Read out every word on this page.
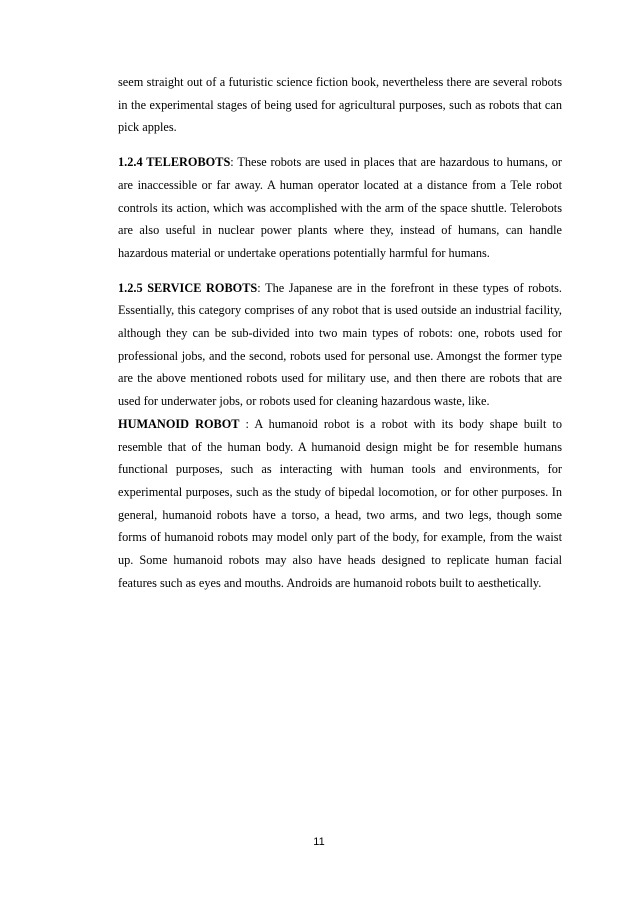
seem straight out of a futuristic science fiction book, nevertheless there are several robots in the experimental stages of being used for agricultural purposes, such as robots that can pick apples.

1.2.4 TELEROBOTS: These robots are used in places that are hazardous to humans, or are inaccessible or far away. A human operator located at a distance from a Tele robot controls its action, which was accomplished with the arm of the space shuttle. Telerobots are also useful in nuclear power plants where they, instead of humans, can handle hazardous material or undertake operations potentially harmful for humans.

1.2.5 SERVICE ROBOTS: The Japanese are in the forefront in these types of robots. Essentially, this category comprises of any robot that is used outside an industrial facility, although they can be sub-divided into two main types of robots: one, robots used for professional jobs, and the second, robots used for personal use. Amongst the former type are the above mentioned robots used for military use, and then there are robots that are used for underwater jobs, or robots used for cleaning hazardous waste, like.

HUMANOID ROBOT : A humanoid robot is a robot with its body shape built to resemble that of the human body. A humanoid design might be for resemble humans functional purposes, such as interacting with human tools and environments, for experimental purposes, such as the study of bipedal locomotion, or for other purposes. In general, humanoid robots have a torso, a head, two arms, and two legs, though some forms of humanoid robots may model only part of the body, for example, from the waist up. Some humanoid robots may also have heads designed to replicate human facial features such as eyes and mouths. Androids are humanoid robots built to aesthetically.

11
